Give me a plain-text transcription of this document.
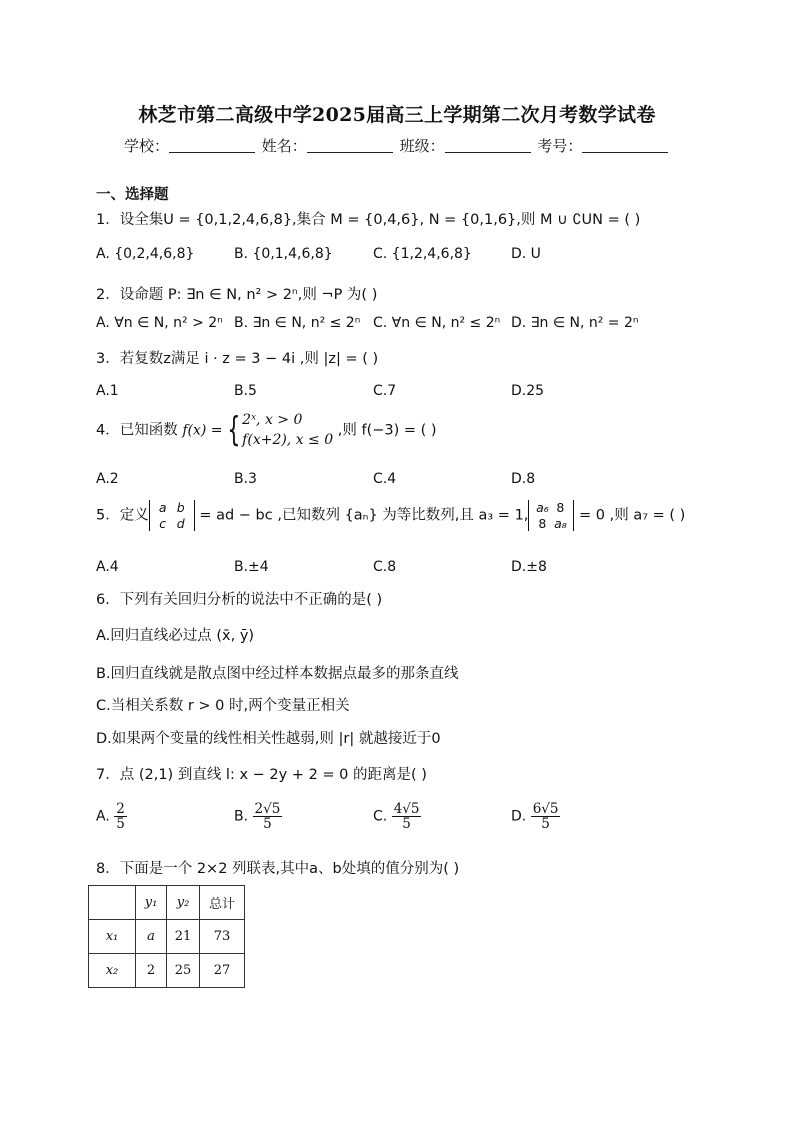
林芝市第二高级中学2025届高三上学期第二次月考数学试卷
学校：	姓名：	班级：	考号：
一、选择题
1．设全集U = {0,1,2,4,6,8},集合 M = {0,4,6}, N = {0,1,6},则 M ∪ ∁UN = ( )
A. {0,2,4,6,8}	B. {0,1,4,6,8}	C. {1,2,4,6,8}	D. U
2．设命题 P: ∃n ∈ N, n² > 2ⁿ,则 ¬P 为( )
A. ∀n ∈ N, n² > 2ⁿ B. ∃n ∈ N, n² ≤ 2ⁿ C. ∀n ∈ N, n² ≤ 2ⁿ D. ∃n ∈ N, n² = 2ⁿ
3．若复数z满足 i · z = 3 − 4i ,则 |z| = ( )
A.1	B.5	C.7	D.25
4．已知函数 f(x) = { 2ˣ, x > 0
f(x+2), x ≤ 0
,则 f(−3) = ( )
A.2	B.3	C.4	D.8
5．定义a b
c d = ad − bc ,已知数列 {aₙ} 为等比数列,且 a₃ = 1,a₆ 8
8 a₈ = 0 ,则 a₇ = ( )
A.4	B.±4	C.8	D.±8
6．下列有关回归分析的说法中不正确的是( )
A.回归直线必过点 (x̄, ȳ)
B.回归直线就是散点图中经过样本数据点最多的那条直线
C.当相关系数 r > 0 时,两个变量正相关
D.如果两个变量的线性相关性越弱,则 |r| 就越接近于0
7．点 (2,1) 到直线 l: x − 2y + 2 = 0 的距离是( )
A. $\frac{2}{5}$	B. $\frac{2√5}{5}$	C. $\frac{4√5}{5}$	D. $\frac{6√5}{5}$
8．下面是一个 2×2 列联表,其中a、b处填的值分别为( )
	y₁	y₂	总计
x₁	a	21	73
x₂	2	25	27
